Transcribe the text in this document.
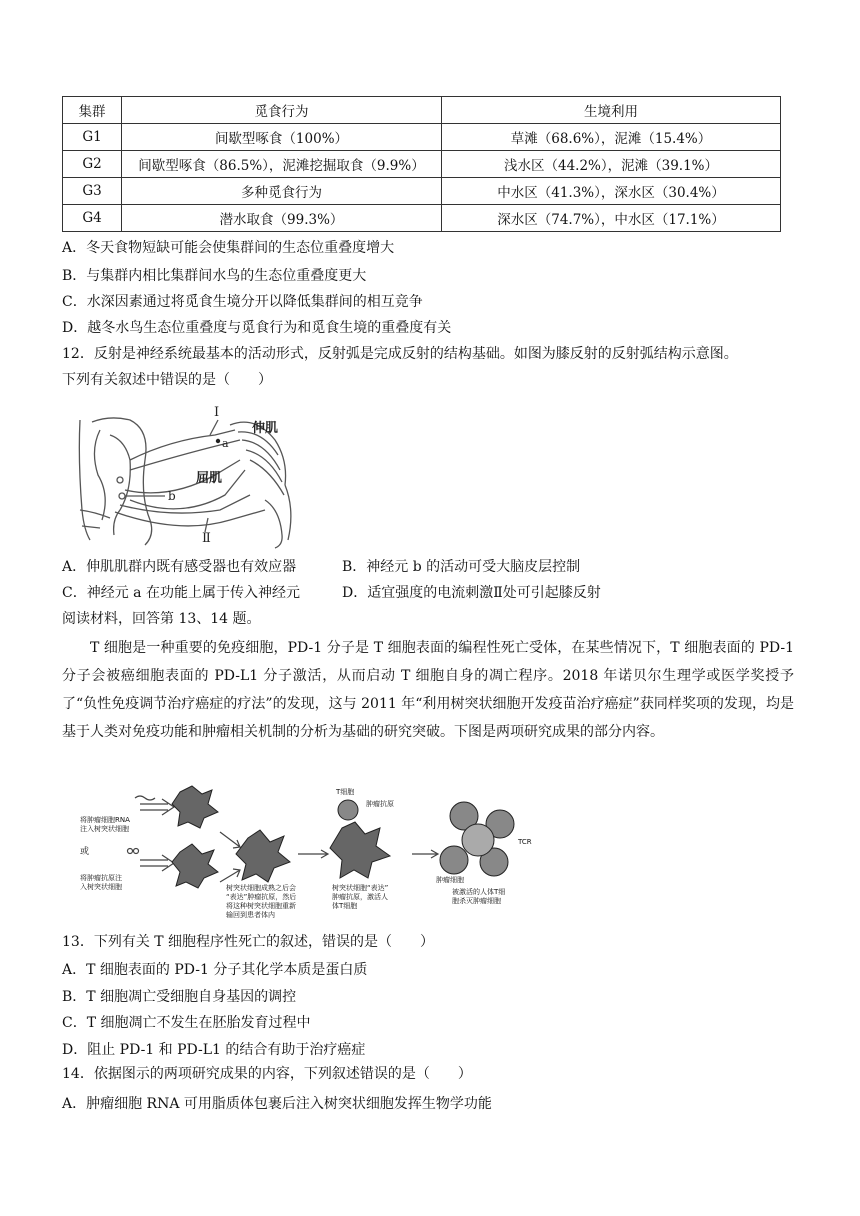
集群	觅食行为	生境利用
G1	间歇型啄食（100%）	草滩（68.6%），泥滩（15.4%）
G2	间歇型啄食（86.5%），泥滩挖掘取食（9.9%）	浅水区（44.2%），泥滩（39.1%）
G3	多种觅食行为	中水区（41.3%），深水区（30.4%）
G4	潜水取食（99.3%）	深水区（74.7%），中水区（17.1%）
A．冬天食物短缺可能会使集群间的生态位重叠度增大
B．与集群内相比集群间水鸟的生态位重叠度更大
C．水深因素通过将觅食生境分开以降低集群间的相互竞争
D．越冬水鸟生态位重叠度与觅食行为和觅食生境的重叠度有关
12．反射是神经系统最基本的活动形式，反射弧是完成反射的结构基础。如图为膝反射的反射弧结构示意图。
下列有关叙述中错误的是（　　）
I
a
伸肌
屈肌
b
Ⅱ
A．伸肌肌群内既有感受器也有效应器	B．神经元 b 的活动可受大脑皮层控制
C．神经元 a 在功能上属于传入神经元	D．适宜强度的电流刺激Ⅱ处可引起膝反射
阅读材料，回答第 13、14 题。
T 细胞是一种重要的免疫细胞，PD-1 分子是 T 细胞表面的编程性死亡受体，在某些情况下，T 细胞表面的 PD-1 分子会被癌细胞表面的 PD-L1 分子激活，从而启动 T 细胞自身的凋亡程序。2018 年诺贝尔生理学或医学奖授予了“负性免疫调节治疗癌症的疗法”的发现，这与 2011 年“利用树突状细胞开发疫苗治疗癌症”获同样奖项的发现，均是基于人类对免疫功能和肿瘤相关机制的分析为基础的研究突破。下图是两项研究成果的部分内容。
将肿瘤细胞RNA 注入树突状细胞
或
将肿瘤抗原注 入树突状细胞	树突状细胞成熟之后会 “表达”肿瘤抗原，然后 将这种树突状细胞重新 输回到患者体内
T细胞
肿瘤抗原
树突状细胞“表达” 肿瘤抗原，激活人 体T细胞
TCR
肿瘤细胞
被激活的人体T细 胞杀灭肿瘤细胞
13．下列有关 T 细胞程序性死亡的叙述，错误的是（　　）
A．T 细胞表面的 PD-1 分子其化学本质是蛋白质
B．T 细胞凋亡受细胞自身基因的调控
C．T 细胞凋亡不发生在胚胎发育过程中
D．阻止 PD-1 和 PD-L1 的结合有助于治疗癌症
14．依据图示的两项研究成果的内容，下列叙述错误的是（　　）
A．肿瘤细胞 RNA 可用脂质体包裹后注入树突状细胞发挥生物学功能
